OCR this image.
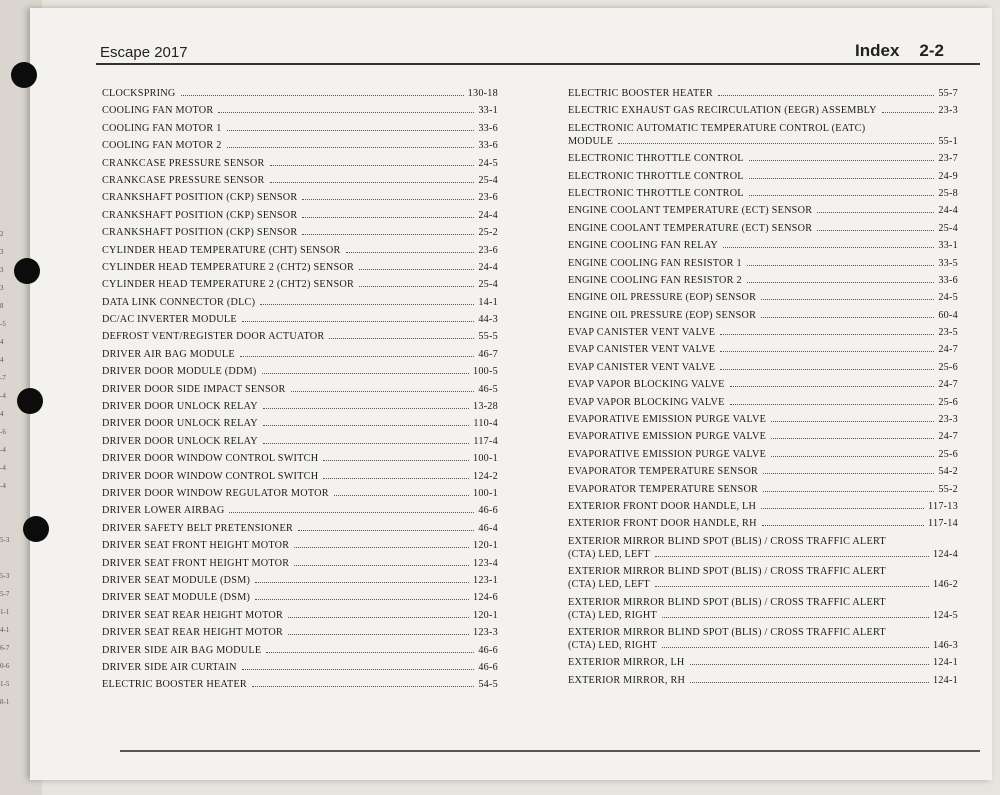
2
3
3
3
8
-5
4
4
-7
-4
4
-6
-4
-4
-4
5-3
5-3
5-7
1-1
4-1
6-7
0-6
1-5
8-1
Escape 2017	Index 2-2
CLOCKSPRING	130-18
COOLING FAN MOTOR	33-1
COOLING FAN MOTOR 1	33-6
COOLING FAN MOTOR 2	33-6
CRANKCASE PRESSURE SENSOR	24-5
CRANKCASE PRESSURE SENSOR	25-4
CRANKSHAFT POSITION (CKP) SENSOR	23-6
CRANKSHAFT POSITION (CKP) SENSOR	24-4
CRANKSHAFT POSITION (CKP) SENSOR	25-2
CYLINDER HEAD TEMPERATURE (CHT) SENSOR	23-6
CYLINDER HEAD TEMPERATURE 2 (CHT2) SENSOR	24-4
CYLINDER HEAD TEMPERATURE 2 (CHT2) SENSOR	25-4
DATA LINK CONNECTOR (DLC)	14-1
DC/AC INVERTER MODULE	44-3
DEFROST VENT/REGISTER DOOR ACTUATOR	55-5
DRIVER AIR BAG MODULE	46-7
DRIVER DOOR MODULE (DDM)	100-5
DRIVER DOOR SIDE IMPACT SENSOR	46-5
DRIVER DOOR UNLOCK RELAY	13-28
DRIVER DOOR UNLOCK RELAY	110-4
DRIVER DOOR UNLOCK RELAY	117-4
DRIVER DOOR WINDOW CONTROL SWITCH	100-1
DRIVER DOOR WINDOW CONTROL SWITCH	124-2
DRIVER DOOR WINDOW REGULATOR MOTOR	100-1
DRIVER LOWER AIRBAG	46-6
DRIVER SAFETY BELT PRETENSIONER	46-4
DRIVER SEAT FRONT HEIGHT MOTOR	120-1
DRIVER SEAT FRONT HEIGHT MOTOR	123-4
DRIVER SEAT MODULE (DSM)	123-1
DRIVER SEAT MODULE (DSM)	124-6
DRIVER SEAT REAR HEIGHT MOTOR	120-1
DRIVER SEAT REAR HEIGHT MOTOR	123-3
DRIVER SIDE AIR BAG MODULE	46-6
DRIVER SIDE AIR CURTAIN	46-6
ELECTRIC BOOSTER HEATER	54-5
ELECTRIC BOOSTER HEATER	55-7
ELECTRIC EXHAUST GAS RECIRCULATION (EEGR) ASSEMBLY	23-3
ELECTRONIC AUTOMATIC TEMPERATURE CONTROL (EATC)
MODULE	55-1
ELECTRONIC THROTTLE CONTROL	23-7
ELECTRONIC THROTTLE CONTROL	24-9
ELECTRONIC THROTTLE CONTROL	25-8
ENGINE COOLANT TEMPERATURE (ECT) SENSOR	24-4
ENGINE COOLANT TEMPERATURE (ECT) SENSOR	25-4
ENGINE COOLING FAN RELAY	33-1
ENGINE COOLING FAN RESISTOR 1	33-5
ENGINE COOLING FAN RESISTOR 2	33-6
ENGINE OIL PRESSURE (EOP) SENSOR	24-5
ENGINE OIL PRESSURE (EOP) SENSOR	60-4
EVAP CANISTER VENT VALVE	23-5
EVAP CANISTER VENT VALVE	24-7
EVAP CANISTER VENT VALVE	25-6
EVAP VAPOR BLOCKING VALVE	24-7
EVAP VAPOR BLOCKING VALVE	25-6
EVAPORATIVE EMISSION PURGE VALVE	23-3
EVAPORATIVE EMISSION PURGE VALVE	24-7
EVAPORATIVE EMISSION PURGE VALVE	25-6
EVAPORATOR TEMPERATURE SENSOR	54-2
EVAPORATOR TEMPERATURE SENSOR	55-2
EXTERIOR FRONT DOOR HANDLE, LH	117-13
EXTERIOR FRONT DOOR HANDLE, RH	117-14
EXTERIOR MIRROR BLIND SPOT (BLIS) / CROSS TRAFFIC ALERT
(CTA) LED, LEFT	124-4
EXTERIOR MIRROR BLIND SPOT (BLIS) / CROSS TRAFFIC ALERT
(CTA) LED, LEFT	146-2
EXTERIOR MIRROR BLIND SPOT (BLIS) / CROSS TRAFFIC ALERT
(CTA) LED, RIGHT	124-5
EXTERIOR MIRROR BLIND SPOT (BLIS) / CROSS TRAFFIC ALERT
(CTA) LED, RIGHT	146-3
EXTERIOR MIRROR, LH	124-1
EXTERIOR MIRROR, RH	124-1
